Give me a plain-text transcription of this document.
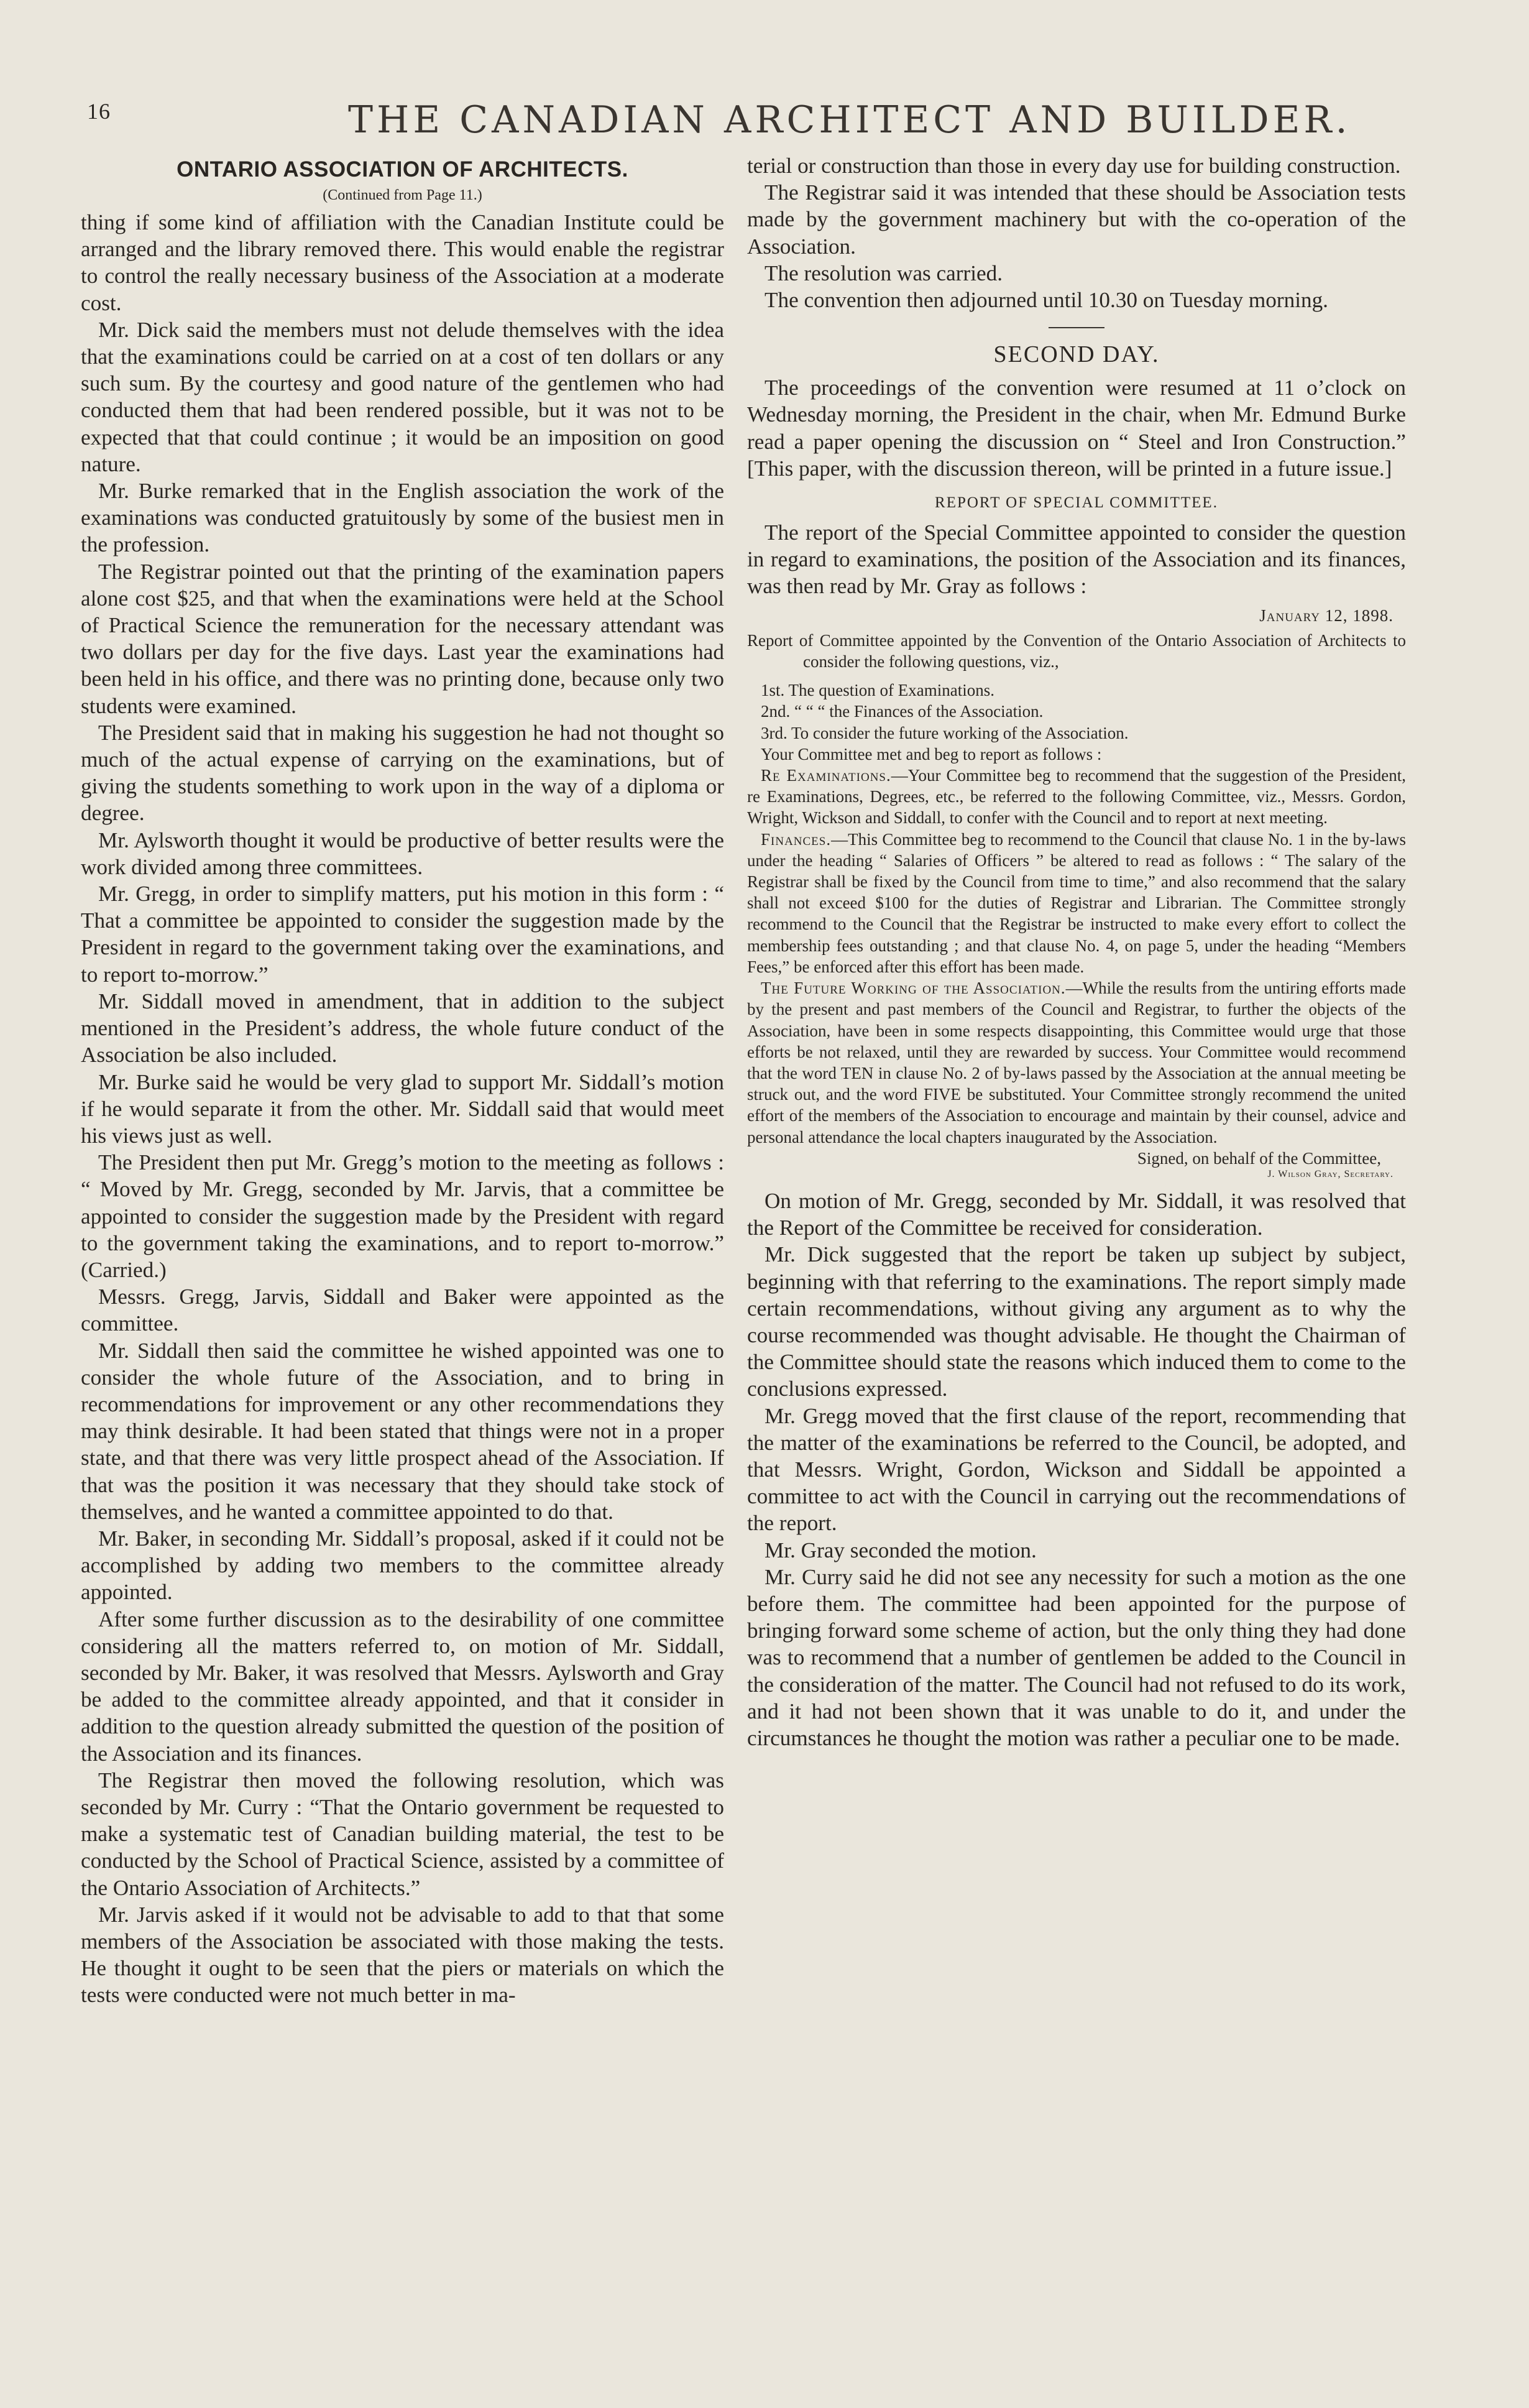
16	THE CANADIAN ARCHITECT AND BUILDER.
ONTARIO ASSOCIATION OF ARCHITECTS.
(Continued from Page 11.)

thing if some kind of affiliation with the Canadian Institute could be arranged and the library removed there. This would enable the registrar to control the really necessary business of the Association at a moderate cost.

Mr. Dick said the members must not delude themselves with the idea that the examinations could be carried on at a cost of ten dollars or any such sum. By the courtesy and good nature of the gentlemen who had conducted them that had been rendered possible, but it was not to be expected that that could continue ; it would be an imposition on good nature.

Mr. Burke remarked that in the English association the work of the examinations was conducted gratuitously by some of the busiest men in the profession.

The Registrar pointed out that the printing of the examination papers alone cost $25, and that when the examinations were held at the School of Practical Science the remuneration for the necessary attendant was two dollars per day for the five days. Last year the examinations had been held in his office, and there was no printing done, because only two students were examined.

The President said that in making his suggestion he had not thought so much of the actual expense of carrying on the examinations, but of giving the students something to work upon in the way of a diploma or degree.

Mr. Aylsworth thought it would be productive of better results were the work divided among three committees.

Mr. Gregg, in order to simplify matters, put his motion in this form : “ That a committee be appointed to consider the suggestion made by the President in regard to the government taking over the examinations, and to report to-morrow.”

Mr. Siddall moved in amendment, that in addition to the subject mentioned in the President’s address, the whole future conduct of the Association be also included.

Mr. Burke said he would be very glad to support Mr. Siddall’s motion if he would separate it from the other. Mr. Siddall said that would meet his views just as well.

The President then put Mr. Gregg’s motion to the meeting as follows : “ Moved by Mr. Gregg, seconded by Mr. Jarvis, that a committee be appointed to consider the suggestion made by the President with regard to the government taking the examinations, and to report to-morrow.” (Carried.)

Messrs. Gregg, Jarvis, Siddall and Baker were appointed as the committee.

Mr. Siddall then said the committee he wished appointed was one to consider the whole future of the Association, and to bring in recommendations for improvement or any other recommendations they may think desirable. It had been stated that things were not in a proper state, and that there was very little prospect ahead of the Association. If that was the position it was necessary that they should take stock of themselves, and he wanted a committee appointed to do that.

Mr. Baker, in seconding Mr. Siddall’s proposal, asked if it could not be accomplished by adding two members to the committee already appointed.

After some further discussion as to the desirability of one committee considering all the matters referred to, on motion of Mr. Siddall, seconded by Mr. Baker, it was resolved that Messrs. Aylsworth and Gray be added to the committee already appointed, and that it consider in addition to the question already submitted the question of the position of the Association and its finances.

The Registrar then moved the following resolution, which was seconded by Mr. Curry : “That the Ontario government be requested to make a systematic test of Canadian building material, the test to be conducted by the School of Practical Science, assisted by a committee of the Ontario Association of Architects.”

Mr. Jarvis asked if it would not be advisable to add to that that some members of the Association be associated with those making the tests. He thought it ought to be seen that the piers or materials on which the tests were conducted were not much better in ma-

terial or construction than those in every day use for building construction.

The Registrar said it was intended that these should be Association tests made by the government machinery but with the co-operation of the Association.

The resolution was carried.

The convention then adjourned until 10.30 on Tuesday morning.

SECOND DAY.

The proceedings of the convention were resumed at 11 o’clock on Wednesday morning, the President in the chair, when Mr. Edmund Burke read a paper opening the discussion on “ Steel and Iron Construction.” [This paper, with the discussion thereon, will be printed in a future issue.]

REPORT OF SPECIAL COMMITTEE.

The report of the Special Committee appointed to consider the question in regard to examinations, the position of the Association and its finances, was then read by Mr. Gray as follows :

January 12, 1898.

Report of Committee appointed by the Convention of the Ontario Association of Architects to consider the following questions, viz.,

1st. The question of Examinations.

2nd. “ “ “ the Finances of the Association.

3rd. To consider the future working of the Association.

Your Committee met and beg to report as follows :

Re Examinations.—Your Committee beg to recommend that the suggestion of the President, re Examinations, Degrees, etc., be referred to the following Committee, viz., Messrs. Gordon, Wright, Wickson and Siddall, to confer with the Council and to report at next meeting.

Finances.—This Committee beg to recommend to the Council that clause No. 1 in the by-laws under the heading “ Salaries of Officers ” be altered to read as follows : “ The salary of the Registrar shall be fixed by the Council from time to time,” and also recommend that the salary shall not exceed $100 for the duties of Registrar and Librarian. The Committee strongly recommend to the Council that the Registrar be instructed to make every effort to collect the membership fees outstanding ; and that clause No. 4, on page 5, under the heading “Members Fees,” be enforced after this effort has been made.

The Future Working of the Association.—While the results from the untiring efforts made by the present and past members of the Council and Registrar, to further the objects of the Association, have been in some respects disappointing, this Committee would urge that those efforts be not relaxed, until they are rewarded by success. Your Committee would recommend that the word TEN in clause No. 2 of by-laws passed by the Association at the annual meeting be struck out, and the word FIVE be substituted. Your Committee strongly recommend the united effort of the members of the Association to encourage and maintain by their counsel, advice and personal attendance the local chapters inaugurated by the Association.

Signed, on behalf of the Committee,
J. Wilson Gray, Secretary.

On motion of Mr. Gregg, seconded by Mr. Siddall, it was resolved that the Report of the Committee be received for consideration.

Mr. Dick suggested that the report be taken up subject by subject, beginning with that referring to the examinations. The report simply made certain recommendations, without giving any argument as to why the course recommended was thought advisable. He thought the Chairman of the Committee should state the reasons which induced them to come to the conclusions expressed.

Mr. Gregg moved that the first clause of the report, recommending that the matter of the examinations be referred to the Council, be adopted, and that Messrs. Wright, Gordon, Wickson and Siddall be appointed a committee to act with the Council in carrying out the recommendations of the report.

Mr. Gray seconded the motion.

Mr. Curry said he did not see any necessity for such a motion as the one before them. The committee had been appointed for the purpose of bringing forward some scheme of action, but the only thing they had done was to recommend that a number of gentlemen be added to the Council in the consideration of the matter. The Council had not refused to do its work, and it had not been shown that it was unable to do it, and under the circumstances he thought the motion was rather a peculiar one to be made.
